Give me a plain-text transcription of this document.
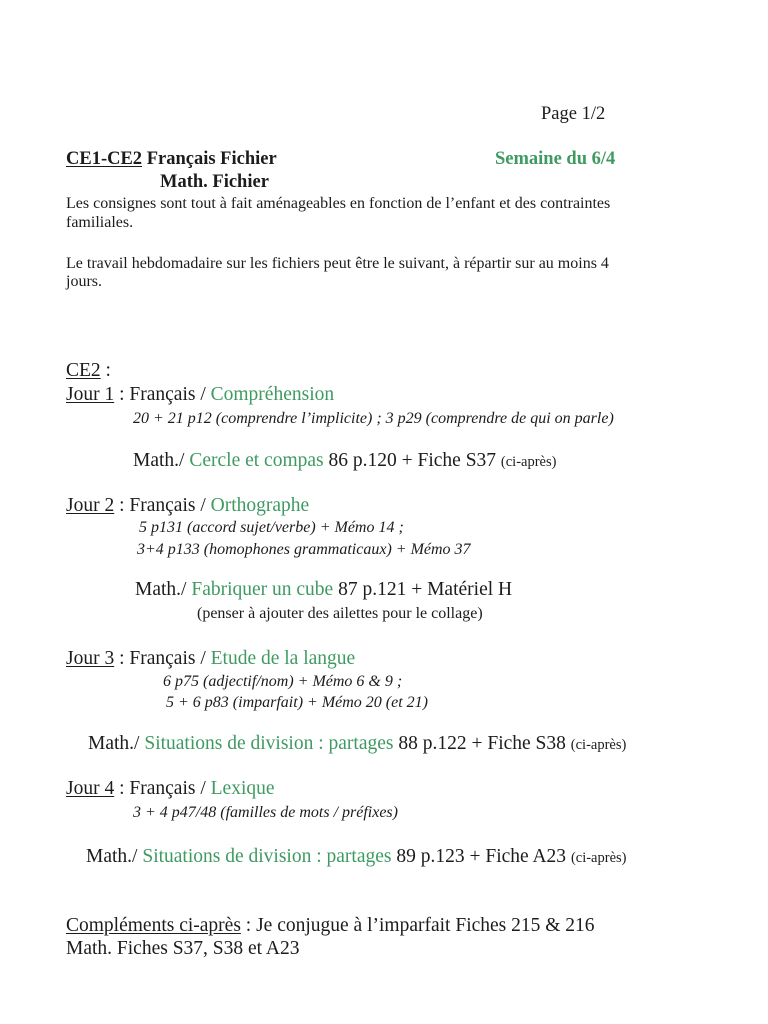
Page 1/2
CE1-CE2 Français Fichier	Semaine du 6/4
Math. Fichier
Les consignes sont tout à fait aménageables en fonction de l’enfant et des contraintes
familiales.
Le travail hebdomadaire sur les fichiers peut être le suivant, à répartir sur au moins 4
jours.
CE2 :
Jour 1 : Français / Compréhension
20 + 21 p12 (comprendre l’implicite) ; 3 p29 (comprendre de qui on parle)
Math./ Cercle et compas 86 p.120 + Fiche S37 (ci-après)
Jour 2 : Français / Orthographe
5 p131 (accord sujet/verbe) + Mémo 14 ;
3+4 p133 (homophones grammaticaux) + Mémo 37
Math./ Fabriquer un cube 87 p.121 + Matériel H
(penser à ajouter des ailettes pour le collage)
Jour 3 : Français / Etude de la langue
6 p75 (adjectif/nom) + Mémo 6 & 9 ;
5 + 6 p83 (imparfait) + Mémo 20 (et 21)
Math./ Situations de division : partages 88 p.122 + Fiche S38 (ci-après)
Jour 4 : Français / Lexique
3 + 4 p47/48 (familles de mots / préfixes)
Math./ Situations de division : partages 89 p.123 + Fiche A23 (ci-après)
Compléments ci-après : Je conjugue à l’imparfait Fiches 215 & 216
Math. Fiches S37, S38 et A23
